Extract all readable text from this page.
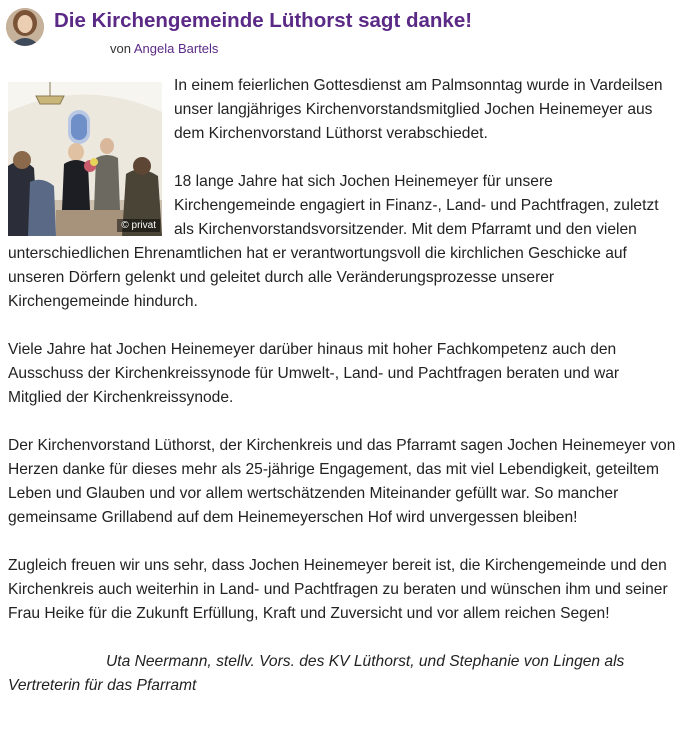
Die Kirchengemeinde Lüthorst sagt danke!
von Angela Bartels
© privat

In einem feierlichen Gottesdienst am Palmsonntag wurde in Vardeilsen unser langjähriges Kirchenvorstandsmitglied Jochen Heinemeyer aus dem Kirchenvorstand Lüthorst verabschiedet.

18 lange Jahre hat sich Jochen Heinemeyer für unsere Kirchengemeinde engagiert in Finanz-, Land- und Pachtfragen, zuletzt als Kirchenvorstandsvorsitzender. Mit dem Pfarramt und den vielen unterschiedlichen Ehrenamtlichen hat er verantwortungsvoll die kirchlichen Geschicke auf unseren Dörfern gelenkt und geleitet durch alle Veränderungsprozesse unserer Kirchengemeinde hindurch.

Viele Jahre hat Jochen Heinemeyer darüber hinaus mit hoher Fachkompetenz auch den Ausschuss der Kirchenkreissynode für Umwelt-, Land- und Pachtfragen beraten und war Mitglied der Kirchenkreissynode.

Der Kirchenvorstand Lüthorst, der Kirchenkreis und das Pfarramt sagen Jochen Heinemeyer von Herzen danke für dieses mehr als 25-jährige Engagement, das mit viel Lebendigkeit, geteiltem Leben und Glauben und vor allem wertschätzenden Miteinander gefüllt war. So mancher gemeinsame Grillabend auf dem Heinemeyerschen Hof wird unvergessen bleiben!

Zugleich freuen wir uns sehr, dass Jochen Heinemeyer bereit ist, die Kirchengemeinde und den Kirchenkreis auch weiterhin in Land- und Pachtfragen zu beraten und wünschen ihm und seiner Frau Heike für die Zukunft Erfüllung, Kraft und Zuversicht und vor allem reichen Segen!

Uta Neermann, stellv. Vors. des KV Lüthorst, und Stephanie von Lingen als Vertreterin für das Pfarramt
